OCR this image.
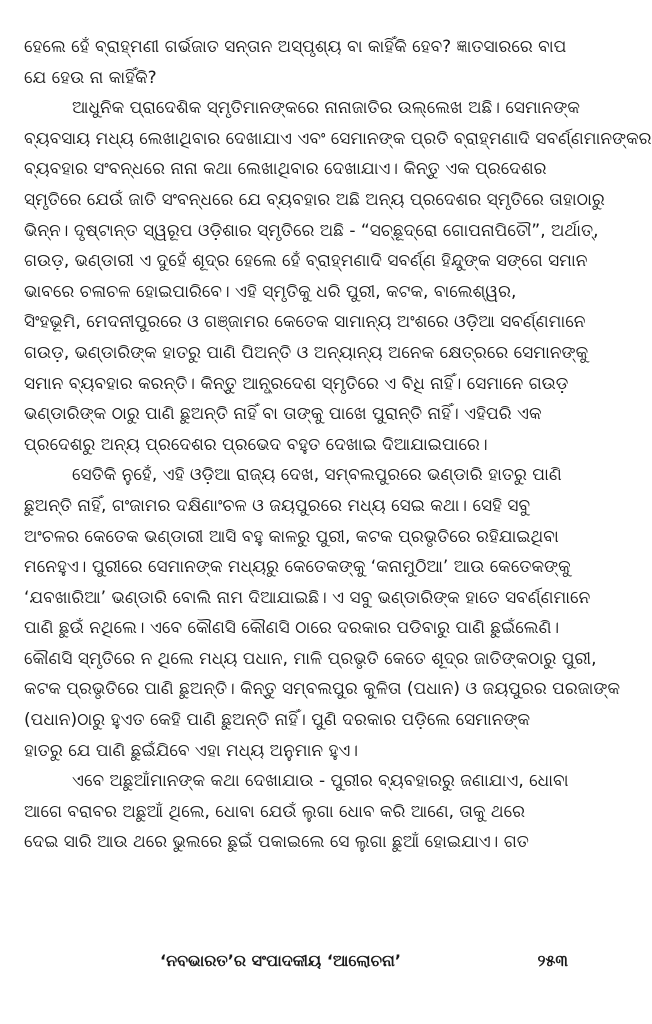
ହେଲେ ହେଁ ବ୍ରାହ୍ମଣୀ ଗର୍ଭଜାତ ସନ୍ତାନ ଅସ୍ପୃଶ୍ୟ ବା କାହିଁକି ହେବ? ଜ୍ଞାତସାରରେ ବାପ
ଯେ ହେଉ ନା କାହିଁକି?
ଆଧୁନିକ ପ୍ରାଦେଶିକ ସ୍ମୃତିମାନଙ୍କରେ ନାନାଜାତିର ଉଲ୍ଲେଖ ଅଛି। ସେମାନଙ୍କ
ବ୍ୟବସାୟ ମଧ୍ୟ ଲେଖାଥିବାର ଦେଖାଯାଏ ଏବଂ ସେମାନଙ୍କ ପ୍ରତି ବ୍ରାହ୍ମଣାଦି ସବର୍ଣ୍ଣମାନଙ୍କର
ବ୍ୟବହାର ସଂବନ୍ଧରେ ନାନା କଥା ଲେଖାଥିବାର ଦେଖାଯାଏ। କିନ୍ତୁ ଏକ ପ୍ରଦେଶର
ସ୍ମୃତିରେ ଯେଉଁ ଜାତି ସଂବନ୍ଧରେ ଯେ ବ୍ୟବହାର ଅଛି ଅନ୍ୟ ପ୍ରଦେଶର ସ୍ମୃତିରେ ତାହାଠାରୁ
ଭିନ୍ନ। ଦୃଷ୍ଟାନ୍ତ ସ୍ୱରୂପ ଓଡ଼ିଶାର ସ୍ମୃତିରେ ଅଛି - “ସଚ୍ଛୂଦ୍ରୋ ଗୋପନାପିତୌ”, ଅର୍ଥାତ୍,
ଗଉଡ଼, ଭଣ୍ଡାରୀ ଏ ଦୁହେଁ ଶୂଦ୍ର ହେଲେ ହେଁ ବ୍ରାହ୍ମଣାଦି ସବର୍ଣ୍ଣ ହିନ୍ଦୁଙ୍କ ସଙ୍ଗେ ସମାନ
ଭାବରେ ଚଳାଚଳ ହୋଇପାରିବେ। ଏହି ସ୍ମୃତିକୁ ଧରି ପୁରୀ, କଟକ, ବାଲେଶ୍ୱର,
ସିଂହଭୂମି, ମେଦନୀପୁରରେ ଓ ଗଞ୍ଜାମର କେତେକ ସାମାନ୍ୟ ଅଂଶରେ ଓଡ଼ିଆ ସବର୍ଣ୍ଣମାନେ
ଗଉଡ଼, ଭଣ୍ଡାରିଙ୍କ ହାତରୁ ପାଣି ପିଅନ୍ତି ଓ ଅନ୍ୟାନ୍ୟ ଅନେକ କ୍ଷେତ୍ରରେ ସେମାନଙ୍କୁ
ସମାନ ବ୍ୟବହାର କରନ୍ତି। କିନ୍ତୁ ଆନ୍ଧ୍ରଦେଶ ସ୍ମୃତିରେ ଏ ବିଧି ନାହିଁ। ସେମାନେ ଗଉଡ଼
ଭଣ୍ଡାରିଙ୍କ ଠାରୁ ପାଣି ଛୁଅନ୍ତି ନାହିଁ ବା ତାଙ୍କୁ ପାଖେ ପୁରାନ୍ତି ନାହିଁ। ଏହିପରି ଏକ
ପ୍ରଦେଶରୁ ଅନ୍ୟ ପ୍ରଦେଶର ପ୍ରଭେଦ ବହୁତ ଦେଖାଇ ଦିଆଯାଇପାରେ।
ସେତିକି ନୁହେଁ, ଏହି ଓଡ଼ିଆ ରାଜ୍ୟ ଦେଖ, ସମ୍ବଲପୁରରେ ଭଣ୍ଡାରି ହାତରୁ ପାଣି
ଛୁଅନ୍ତି ନାହିଁ, ଗଂଜାମର ଦକ୍ଷିଣାଂଚଳ ଓ ଜୟପୁରରେ ମଧ୍ୟ ସେଇ କଥା। ସେହି ସବୁ
ଅଂଚଳର କେତେକ ଭଣ୍ଡାରୀ ଆସି ବହୁ କାଳରୁ ପୁରୀ, କଟକ ପ୍ରଭୃତିରେ ରହିଯାଇଥିବା
ମନେହୁଏ। ପୁରୀରେ ସେମାନଙ୍କ ମଧ୍ୟରୁ କେତେକଙ୍କୁ ‘କନାମୁଠିଆ’ ଆଉ କେତେକଙ୍କୁ
‘ଯବଖାରିଆ’ ଭଣ୍ଡାରି ବୋଲି ନାମ ଦିଆଯାଇଛି। ଏ ସବୁ ଭଣ୍ଡାରିଙ୍କ ହାତେ ସବର୍ଣ୍ଣମାନେ
ପାଣି ଛୁଉଁ ନଥିଲେ। ଏବେ କୌଣସି କୌଣସି ଠାରେ ଦରକାର ପଡିବାରୁ ପାଣି ଛୁଇଁଲେଣି।
କୌଣସି ସ୍ମୃତିରେ ନ ଥିଲେ ମଧ୍ୟ ପଧାନ, ମାଳି ପ୍ରଭୃତି କେତେ ଶୂଦ୍ର ଜାତିଙ୍କଠାରୁ ପୁରୀ,
କଟକ ପ୍ରଭୃତିରେ ପାଣି ଛୁଅନ୍ତି। କିନ୍ତୁ ସମ୍ବଲପୁର କୁଳିତା (ପଧାନ) ଓ ଜୟପୁରର ପରଜାଙ୍କ
(ପଧାନ)ଠାରୁ ହୁଏତ କେହି ପାଣି ଛୁଅନ୍ତି ନାହିଁ। ପୁଣି ଦରକାର ପଡ଼ିଲେ ସେମାନଙ୍କ
ହାତରୁ ଯେ ପାଣି ଛୁଇଁଯିବେ ଏହା ମଧ୍ୟ ଅନୁମାନ ହୁଏ।
ଏବେ ଅଛୁଆଁମାନଙ୍କ କଥା ଦେଖାଯାଉ - ପୁରୀର ବ୍ୟବହାରରୁ ଜଣାଯାଏ, ଧୋବା
ଆଗେ ବରାବର ଅଛୁଆଁ ଥିଲେ, ଧୋବା ଯେଉଁ ଲୁଗା ଧୋବ କରି ଆଣେ, ତାକୁ ଥରେ
ଦେଇ ସାରି ଆଉ ଥରେ ଭୁଲରେ ଛୁଇଁ ପକାଇଲେ ସେ ଲୁଗା ଛୁଆଁ ହୋଇଯାଏ। ଗତ
‘ନବଭାରତ’ର ସଂପାଦକୀୟ ‘ଆଲୋଚନା’	୨୫୩
